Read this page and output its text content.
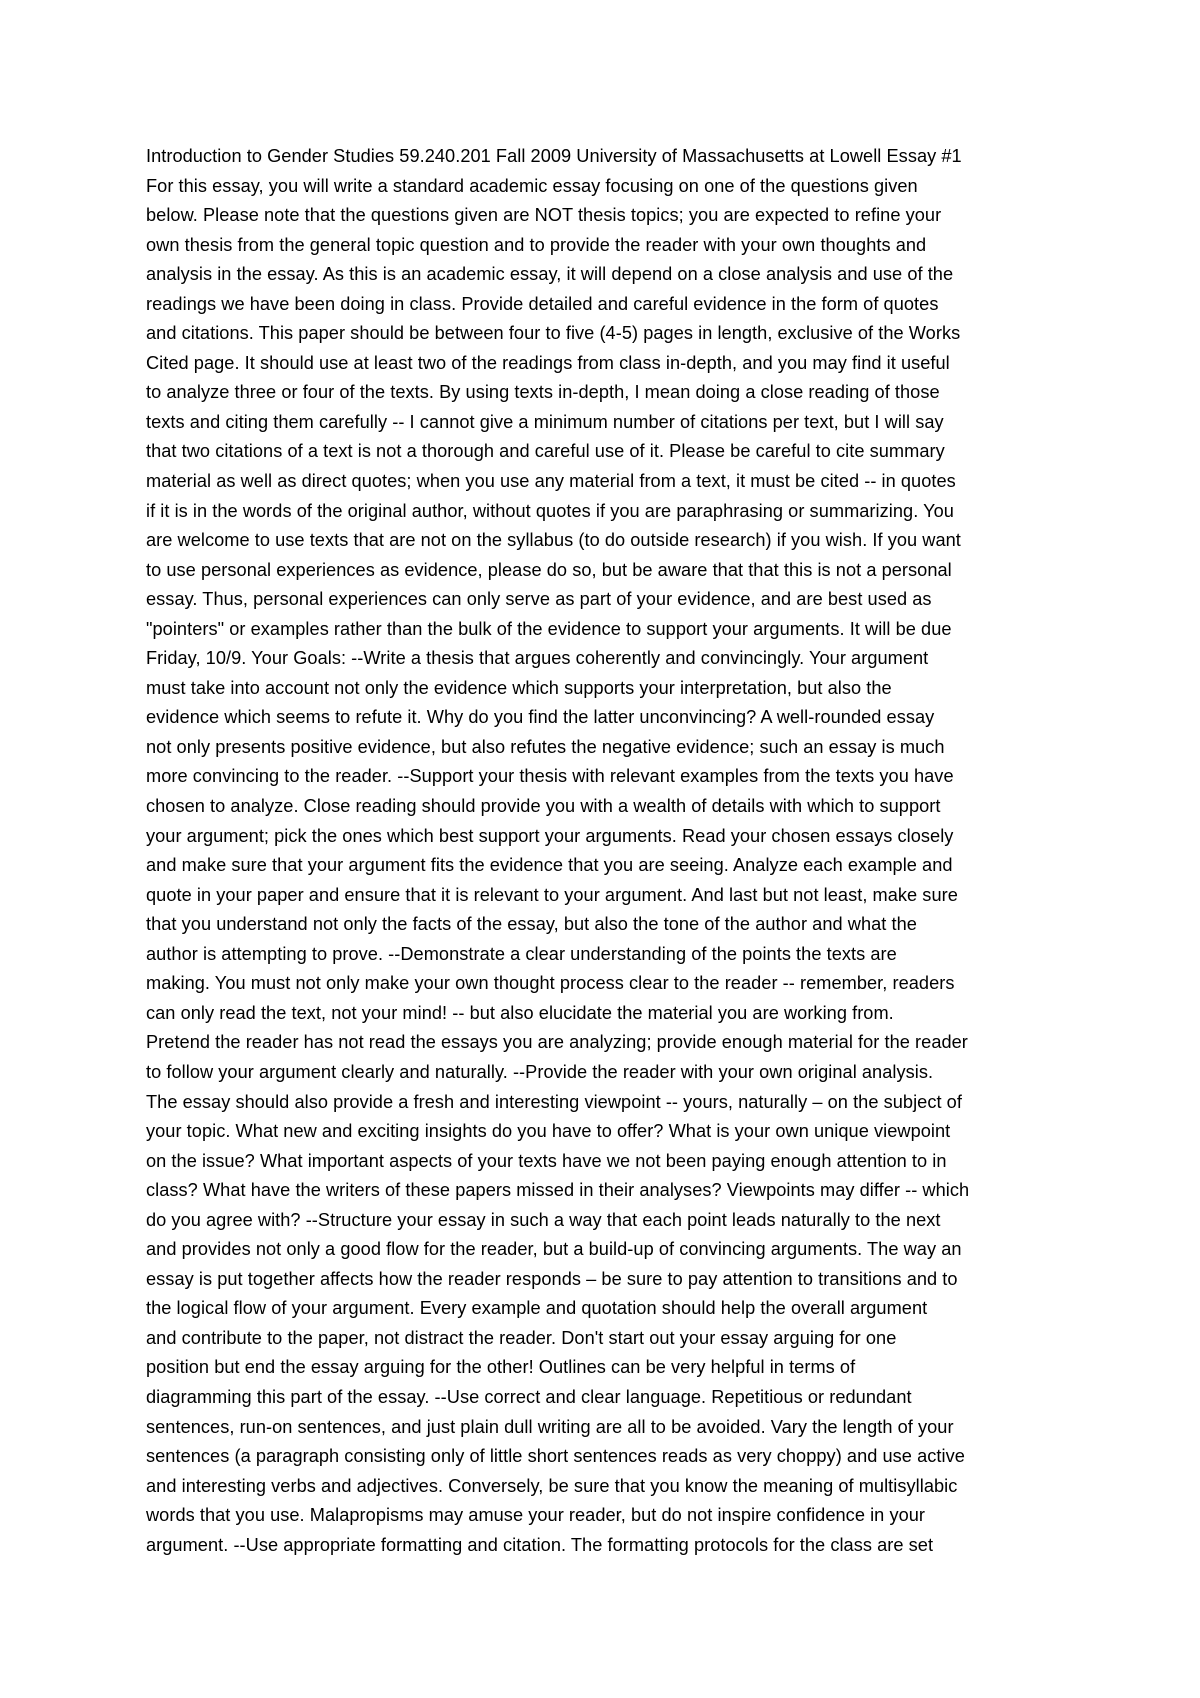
Introduction to Gender Studies 59.240.201 Fall 2009 University of Massachusetts at Lowell Essay #1
For this essay, you will write a standard academic essay focusing on one of the questions given
below. Please note that the questions given are NOT thesis topics; you are expected to refine your
own thesis from the general topic question and to provide the reader with your own thoughts and
analysis in the essay. As this is an academic essay, it will depend on a close analysis and use of the
readings we have been doing in class. Provide detailed and careful evidence in the form of quotes
and citations. This paper should be between four to five (4-5) pages in length, exclusive of the Works
Cited page. It should use at least two of the readings from class in-depth, and you may find it useful
to analyze three or four of the texts. By using texts in-depth, I mean doing a close reading of those
texts and citing them carefully -- I cannot give a minimum number of citations per text, but I will say
that two citations of a text is not a thorough and careful use of it. Please be careful to cite summary
material as well as direct quotes; when you use any material from a text, it must be cited -- in quotes
if it is in the words of the original author, without quotes if you are paraphrasing or summarizing. You
are welcome to use texts that are not on the syllabus (to do outside research) if you wish. If you want
to use personal experiences as evidence, please do so, but be aware that that this is not a personal
essay. Thus, personal experiences can only serve as part of your evidence, and are best used as
"pointers" or examples rather than the bulk of the evidence to support your arguments. It will be due
Friday, 10/9. Your Goals: --Write a thesis that argues coherently and convincingly. Your argument
must take into account not only the evidence which supports your interpretation, but also the
evidence which seems to refute it. Why do you find the latter unconvincing? A well-rounded essay
not only presents positive evidence, but also refutes the negative evidence; such an essay is much
more convincing to the reader. --Support your thesis with relevant examples from the texts you have
chosen to analyze. Close reading should provide you with a wealth of details with which to support
your argument; pick the ones which best support your arguments. Read your chosen essays closely
and make sure that your argument fits the evidence that you are seeing. Analyze each example and
quote in your paper and ensure that it is relevant to your argument. And last but not least, make sure
that you understand not only the facts of the essay, but also the tone of the author and what the
author is attempting to prove. --Demonstrate a clear understanding of the points the texts are
making. You must not only make your own thought process clear to the reader -- remember, readers
can only read the text, not your mind! -- but also elucidate the material you are working from.
Pretend the reader has not read the essays you are analyzing; provide enough material for the reader
to follow your argument clearly and naturally. --Provide the reader with your own original analysis.
The essay should also provide a fresh and interesting viewpoint -- yours, naturally – on the subject of
your topic. What new and exciting insights do you have to offer? What is your own unique viewpoint
on the issue? What important aspects of your texts have we not been paying enough attention to in
class? What have the writers of these papers missed in their analyses? Viewpoints may differ -- which
do you agree with? --Structure your essay in such a way that each point leads naturally to the next
and provides not only a good flow for the reader, but a build-up of convincing arguments. The way an
essay is put together affects how the reader responds – be sure to pay attention to transitions and to
the logical flow of your argument. Every example and quotation should help the overall argument
and contribute to the paper, not distract the reader. Don't start out your essay arguing for one
position but end the essay arguing for the other! Outlines can be very helpful in terms of
diagramming this part of the essay. --Use correct and clear language. Repetitious or redundant
sentences, run-on sentences, and just plain dull writing are all to be avoided. Vary the length of your
sentences (a paragraph consisting only of little short sentences reads as very choppy) and use active
and interesting verbs and adjectives. Conversely, be sure that you know the meaning of multisyllabic
words that you use. Malapropisms may amuse your reader, but do not inspire confidence in your
argument. --Use appropriate formatting and citation. The formatting protocols for the class are set
